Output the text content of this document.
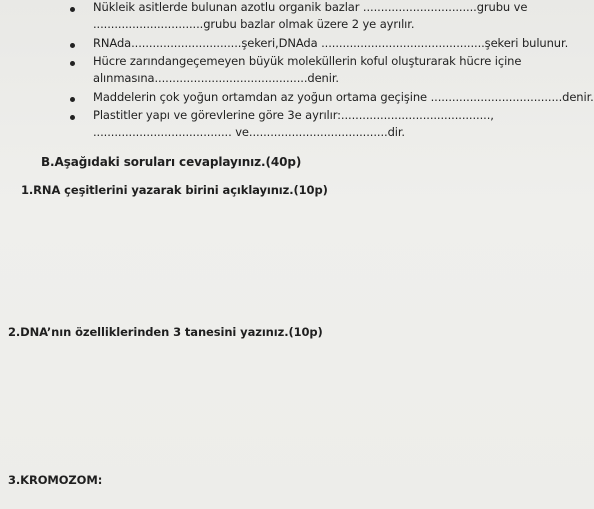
Nükleik asitlerde bulunan azotlu organik bazlar ................................grubu ve
...............................grubu bazlar olmak üzere 2 ye ayrılır.
RNAda...............................şekeri,DNAda ..............................................şekeri bulunur.
Hücre zarındangeçemeyen büyük moleküllerin koful oluşturarak hücre içine
alınmasına...........................................denir.
Maddelerin çok yoğun ortamdan az yoğun ortama geçişine .....................................denir.
Plastitler yapı ve görevlerine göre 3e ayrılır:..........................................,
....................................... ve.......................................dir.
B.Aşağıdaki soruları cevaplayınız.(40p)
1.RNA çeşitlerini yazarak birini açıklayınız.(10p)
2.DNA’nın özelliklerinden 3 tanesini yazınız.(10p)
3.KROMOZOM:
